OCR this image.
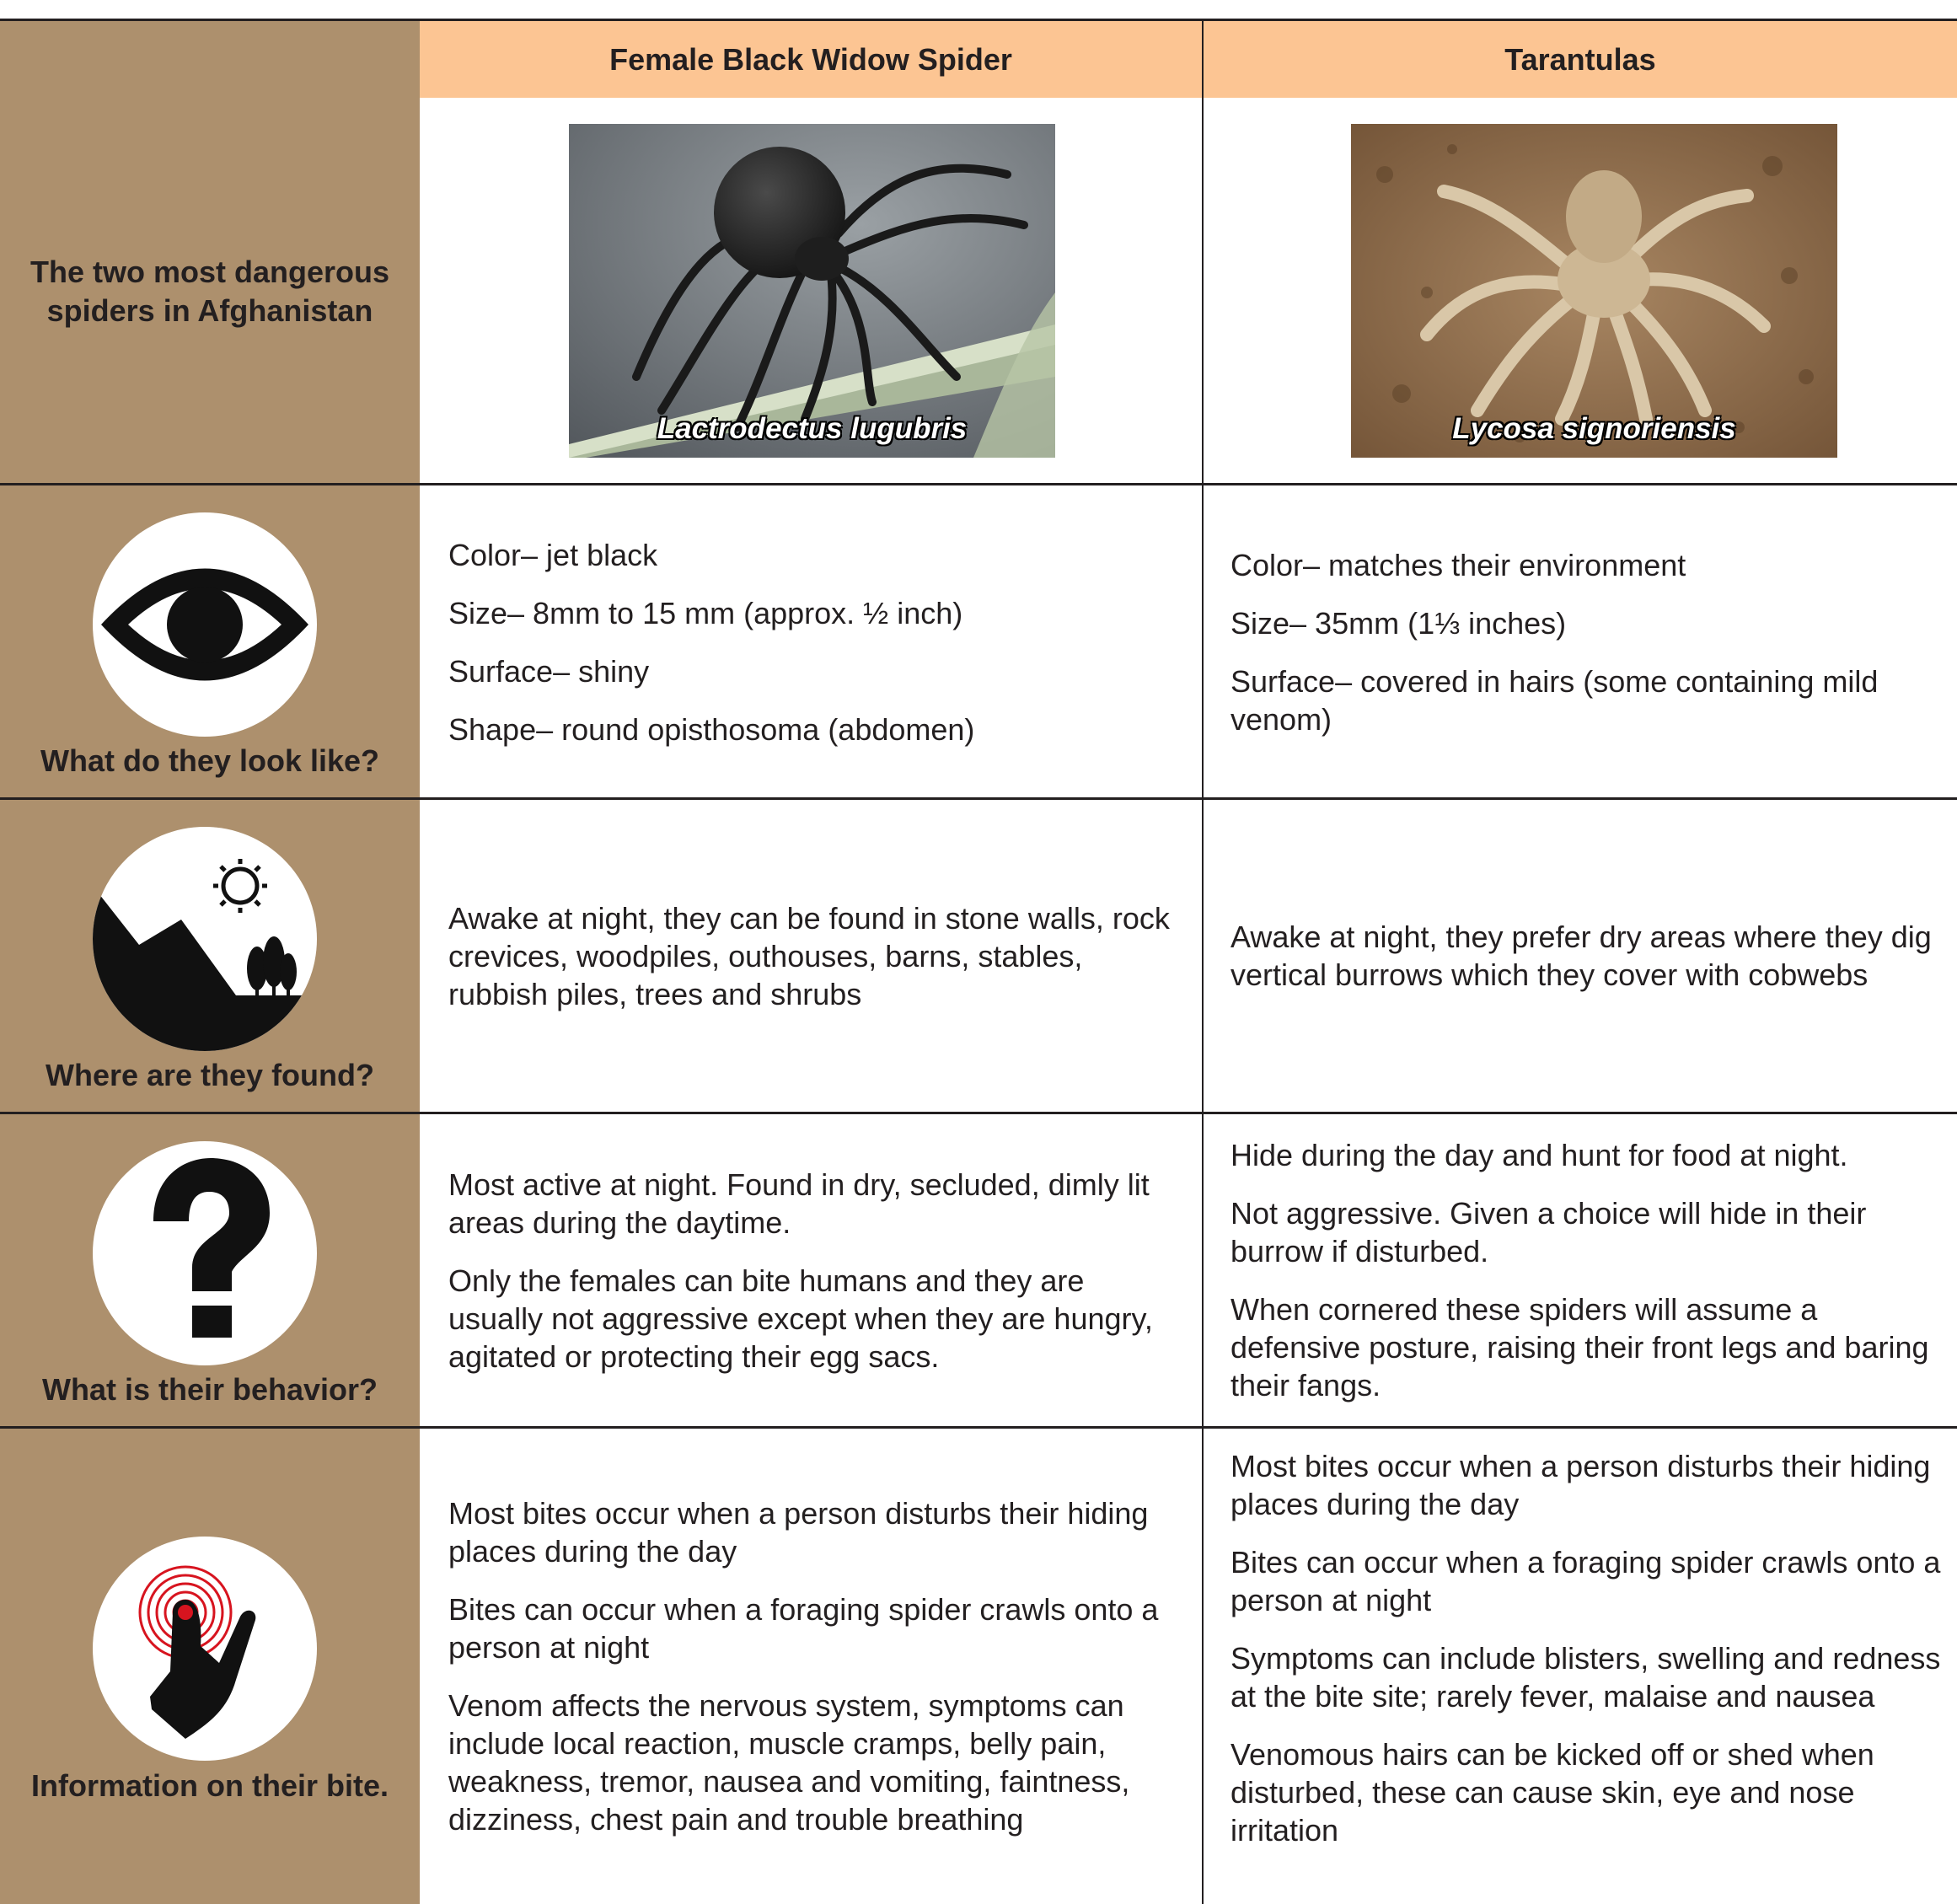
Female Black Widow Spider	Tarantulas
The two most dangerous spiders in Afghanistan
Lactrodectus lugubris	Lycosa signoriensis
What do they look like?

Color– jet black

Size– 8mm to 15 mm (approx. ½ inch)

Surface– shiny

Shape– round opisthosoma (abdomen)

Color– matches their environment

Size– 35mm (1⅓ inches)

Surface– covered in hairs (some containing mild venom)

Where are they found?

Awake at night, they can be found in stone walls, rock crevices, woodpiles, outhouses, barns, stables, rubbish piles, trees and shrubs

Awake at night, they prefer dry areas where they dig vertical burrows which they cover with cobwebs

What is their behavior?

Most active at night. Found in dry, secluded, dimly lit areas during the daytime.

Only the females can bite humans and they are usually not aggressive except when they are hungry, agitated or protecting their egg sacs.

Hide during the day and hunt for food at night.

Not aggressive. Given a choice will hide in their burrow if disturbed.

When cornered these spiders will assume a defensive posture, raising their front legs and baring their fangs.

Information on their bite.

Most bites occur when a person disturbs their hiding places during the day

Bites can occur when a foraging spider crawls onto a person at night

Venom affects the nervous system, symptoms can include local reaction, muscle cramps, belly pain, weakness, tremor, nausea and vomiting, faintness, dizziness, chest pain and trouble breathing

Most bites occur when a person disturbs their hiding places during the day

Bites can occur when a foraging spider crawls onto a person at night

Symptoms can include blisters, swelling and redness at the bite site; rarely fever, malaise and nausea

Venomous hairs can be kicked off or shed when disturbed, these can cause skin, eye and nose irritation
